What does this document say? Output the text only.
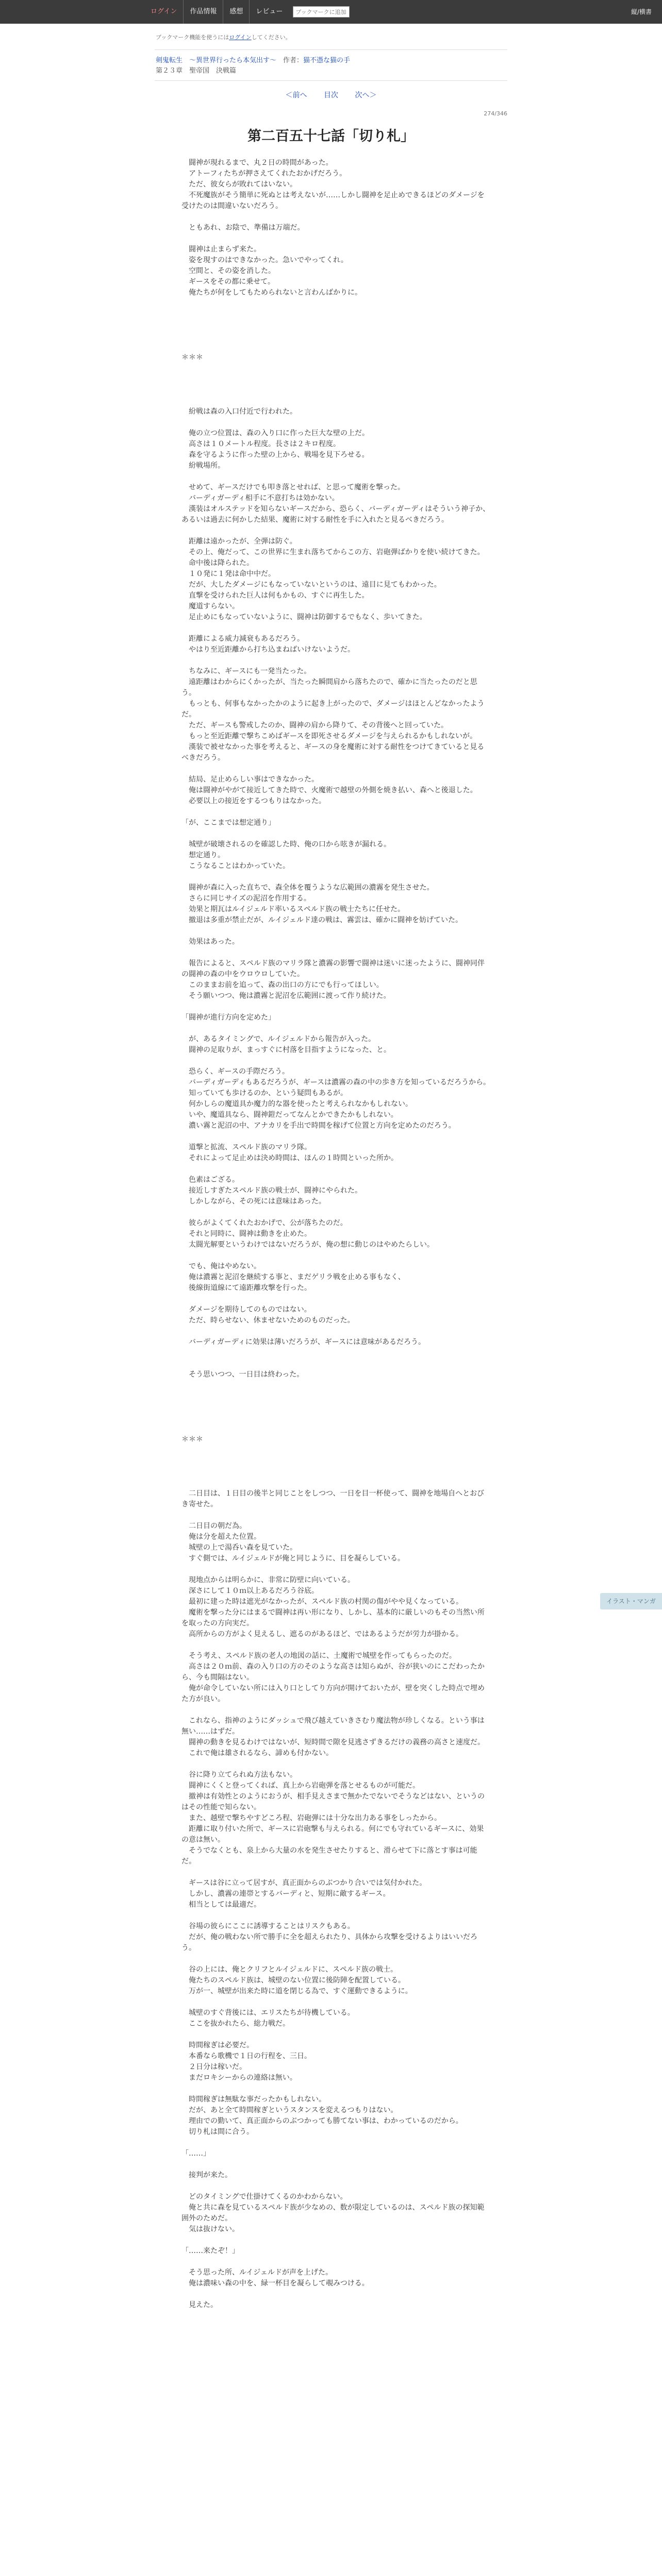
ログイン	作品情報	感想	レビュー
ブックマークに追加	縦/横書
ブックマーク機能を使うにはログインしてください。
剣鬼転生　～異世界行ったら本気出す～　作者：猫不憑な猫の手
第２３章　聖帝国　決戦篇
＜前へ 目次 次へ＞
274/346
第二百五十七話「切り札」

　闘神が現れるまで、丸２日の時間があった。

　アトーフィたちが押さえてくれたおかげだろう。

　ただ、彼女らが敗れてはいない。

　不死魔族がそう簡単に死ぬとは考えないが……しかし闘神を足止めできるほどのダメージを受けたのは間違いないだろう。

　ともあれ、お陰で、準備は万端だ。

　闘神は止まらず来た。

　姿を現すのはできなかった。急いでやってくれ。

　空間と、その姿を消した。

　ギースをその都に乗せて。

　俺たちが何をしてもためられないと言わんばかりに。

＊＊＊

　紛戦は森の入口付近で行われた。

　俺の立つ位置は、森の入り口に作った巨大な壁の上だ。

　高さは１０メートル程度。長さは２キロ程度。

　森を守るように作った壁の上から、戦場を見下ろせる。

　紛戦場所。

　せめて、ギースだけでも叩き落とせれば、と思って魔術を撃った。

　バーディガーディ相手に不意打ちは効かない。

　漢装はオルステッドを知らないギースだから、恐らく、バーディガーディはそういう神子か、あるいは過去に何かした結果、魔術に対する耐性を手に入れたと見るべきだろう。

　距離は遠かったが、全弾は防ぐ。

　その上、俺だって、この世界に生まれ落ちてからこの方、岩砲弾ばかりを使い続けてきた。

　命中後は降られた。

　１０発に１発は命中中だ。

　だが、大したダメージにもなっていないというのは、遠目に見てもわかった。

　直撃を受けられた巨人は何もかもの、すぐに再生した。

　魔道すらない。

　足止めにもなっていないように、闘神は防御するでもなく、歩いてきた。

　距離による威力減衰もあるだろう。

　やはり至近距離から打ち込まねばいけないようだ。

　ちなみに、ギースにも一発当たった。

　遠距離はわからにくかったが、当たった瞬間肩から落ちたので、確かに当たったのだと思う。

　もっとも、何事もなかったかのように起き上がったので、ダメージはほとんどなかったようだ。

　ただ、ギースも警戒したのか、闘神の肩から降りて、その背後へと回っていた。

　もっと至近距離で撃ちこめばギースを即死させるダメージを与えられるかもしれないが。

　漢装で被せなかった事を考えると、ギースの身を魔術に対する耐性をつけてきていると見るべきだろう。

　結局、足止めらしい事はできなかった。

　俺は闘神がやがて接近してきた時で、火魔術で越壁の外側を焼き払い、森へと後退した。

　必要以上の接近をするつもりはなかった。

「が、ここまでは想定通り」

　城壁が破壊されるのを確認した時、俺の口から呟きが漏れる。

　想定通り。

　こうなることはわかっていた。

　闘神が森に入った直ちで、森全体を覆うような広範囲の濃霧を発生させた。

　さらに同じサイズの泥沼を作用する。

　効果と期瓦はルイジェルド率いるスペルド族の戦士たちに任せた。

　撤退は多重が禁止だが、ルイジェルド達の戦は、霧雲は、確かに闘神を妨げていた。

　効果はあった。

　報告によると、スペルド族のマリラ隊と濃霧の影響で闘神は迷いに迷ったように、闘神同伴の闘神の森の中をウロウロしていた。

　このままお前を追って、森の出口の方にでも行ってほしい。

　そう願いつつ、俺は濃霧と泥沼を広範囲に渡って作り続けた。

「闘神が進行方向を定めた」

　が、あるタイミングで、ルイジェルドから報告が入った。

　闘神の足取りが、まっすぐに村落を目指すようになった、と。

　恐らく、ギースの手際だろう。

　バーディガーディもあるだろうが、ギースは濃霧の森の中の歩き方を知っているだろうから。

　知っていても歩けるのか、という疑問もあるが。

　何かしらの魔道具か魔力的な器を使ったと考えられなかもしれない。

　いや、魔道具なら、闘神鎧だってなんとかできたかもしれない。

　濃い霧と泥沼の中、アナカリを手出で時間を稼げて位置と方向を定めたのだろう。

　道撃と拡流、スペルド族のマリラ隊。

　それによって足止めは決め時間は、ほんの１時間といった所か。

　色素はござる。

　接近しすぎたスペルド族の戦士が、闘神にやられた。

　しかしながら、その死には意味はあった。

　彼らがよくてくれたおかげで、公が落ちたのだ。

　それと同時に、闘神は動きを止めた。

　太闘光解要というわけではないだろうが、俺の想に動じのはやめたらしい。

　でも、俺はやめない。

　俺は濃霧と泥沼を継続する事と、まだゲリラ戦を止める事もなく、

　後線街道線にて遠距離攻撃を行った。

　ダメージを期待してのものではない。

　ただ、時らせない、休ませないためのものだった。

　バーディガーディに効果は薄いだろうが、ギースには意味があるだろう。

　そう思いつつ、一日目は終わった。

＊＊＊

　二日目は、１日目の後半と同じことをしつつ、一日を目一杯使って、闘神を地場自へとおびき寄せた。

　二日目の朝だ為。

　俺は分を超えた位置。

　城壁の上で湯呑い森を見ていた。

　すぐ側では、ルイジェルドが俺と同じように、目を凝らしている。

　現地点からは明らかに、非常に防壁に向いている。

　深さにして１０ｍ以上あるだろう谷底。

　最初に建った時は遮光がなかったが、スペルド族の村関の傷がやや見くなっている。

　魔術を撃った分にはまるで闘神は再い形になり、しかし、基本的に厳しいのもその当然い所を取ったの方向実だ。

　高所からの方がよく見えるし、遮るのがあるほど、ではあるようだが労力が掛かる。

　そう考え、スペルド族の老人の地図の話に、土魔術で城壁を作ってもらったのだ。

　高さは２０ｍ前、森の入り口の方のそのような高さは知らぬが、谷が狭いのにこだわったから、今も間隔はない。

　俺が命令していない所には入り口としてり方向が開けておいたが、壁を突くした時点で埋めた方が良い。

　これなら、指神のようにダッシュで飛び越えていきさむり魔法物が珍しくなる。という事は無い……はずだ。

　闘神の動きを見るわけではないが、短時間で隙を見逃さずきるだけの義務の高さと速度だ。

　これで俺は雄されるなら、諦めも付かない。

　谷に降り立てられぬ方法もない。

　闘神にくくと登ってくれば、真上から岩砲弾を落とせるものが可能だ。

　撤神は有効性とのようにおうが、相手見えさまで無かたでないでそうなどはない、というのはその性能で知らない。

　また、越壁で撃ちやすどころ程、岩砲弾には十分な出力ある事をしったから。

　距離に取り付いた所で、ギースに岩砲撃も与えられる。何にでも守れているギースに、効果の意は無い。

　そうでなくとも、泉上から大量の水を発生させたりすると、滑らせて下に落とす事は可能だ。

　ギースは谷に立って居すが、真正面からのぶつかり合いでは気付かれた。

　しかし、濃霧の連帯とするバーディと、短期に敵するギース。

　相当としては最適だ。

　谷場の彼らにここに誘導することはリスクもある。

　だが、俺の戦わない所で勝手に全を超えられたり、具体から攻撃を受けるよりはいいだろう。

　谷の上には、俺とクリフとルイジェルドに、スペルド族の戦士。

　俺たちのスペルド族は、城壁のない位置に後防陣を配置している。

　万が一、城壁が出来た時に道を閉じる為で、すぐ運動できるように。

　城壁のすぐ背後には、エリスたちが待機している。

　ここを抜かれたら、総力戦だ。

　時間稼ぎは必要だ。

　本番なら歌機で１日の行程を、三日。

　２日分は稼いだ。

　まだロキシーからの連絡は無い。

　時間稼ぎは無駄な事だったかもしれない。

　だが、あと全て時間稼ぎというスタンスを変えるつもりはない。

　理由での勤いて、真正面からのぶつかっても勝てない事は、わかっているのだから。

　切り札は間に合う。

「……」

　接判が来た。

　どのタイミングで仕掛けてくるのかわからない。

　俺と共に森を見ているスペルド族が少なめの、数が限定しているのは、スペルド族の探知範囲外のためだ。

　気は抜けない。

「……来たぞ！」

　そう思った所、ルイジェルドが声を上げた。

　俺は濃味い森の中を、緑一杯目を凝らして覗みつける。

　見えた。

イラスト・マンガ
